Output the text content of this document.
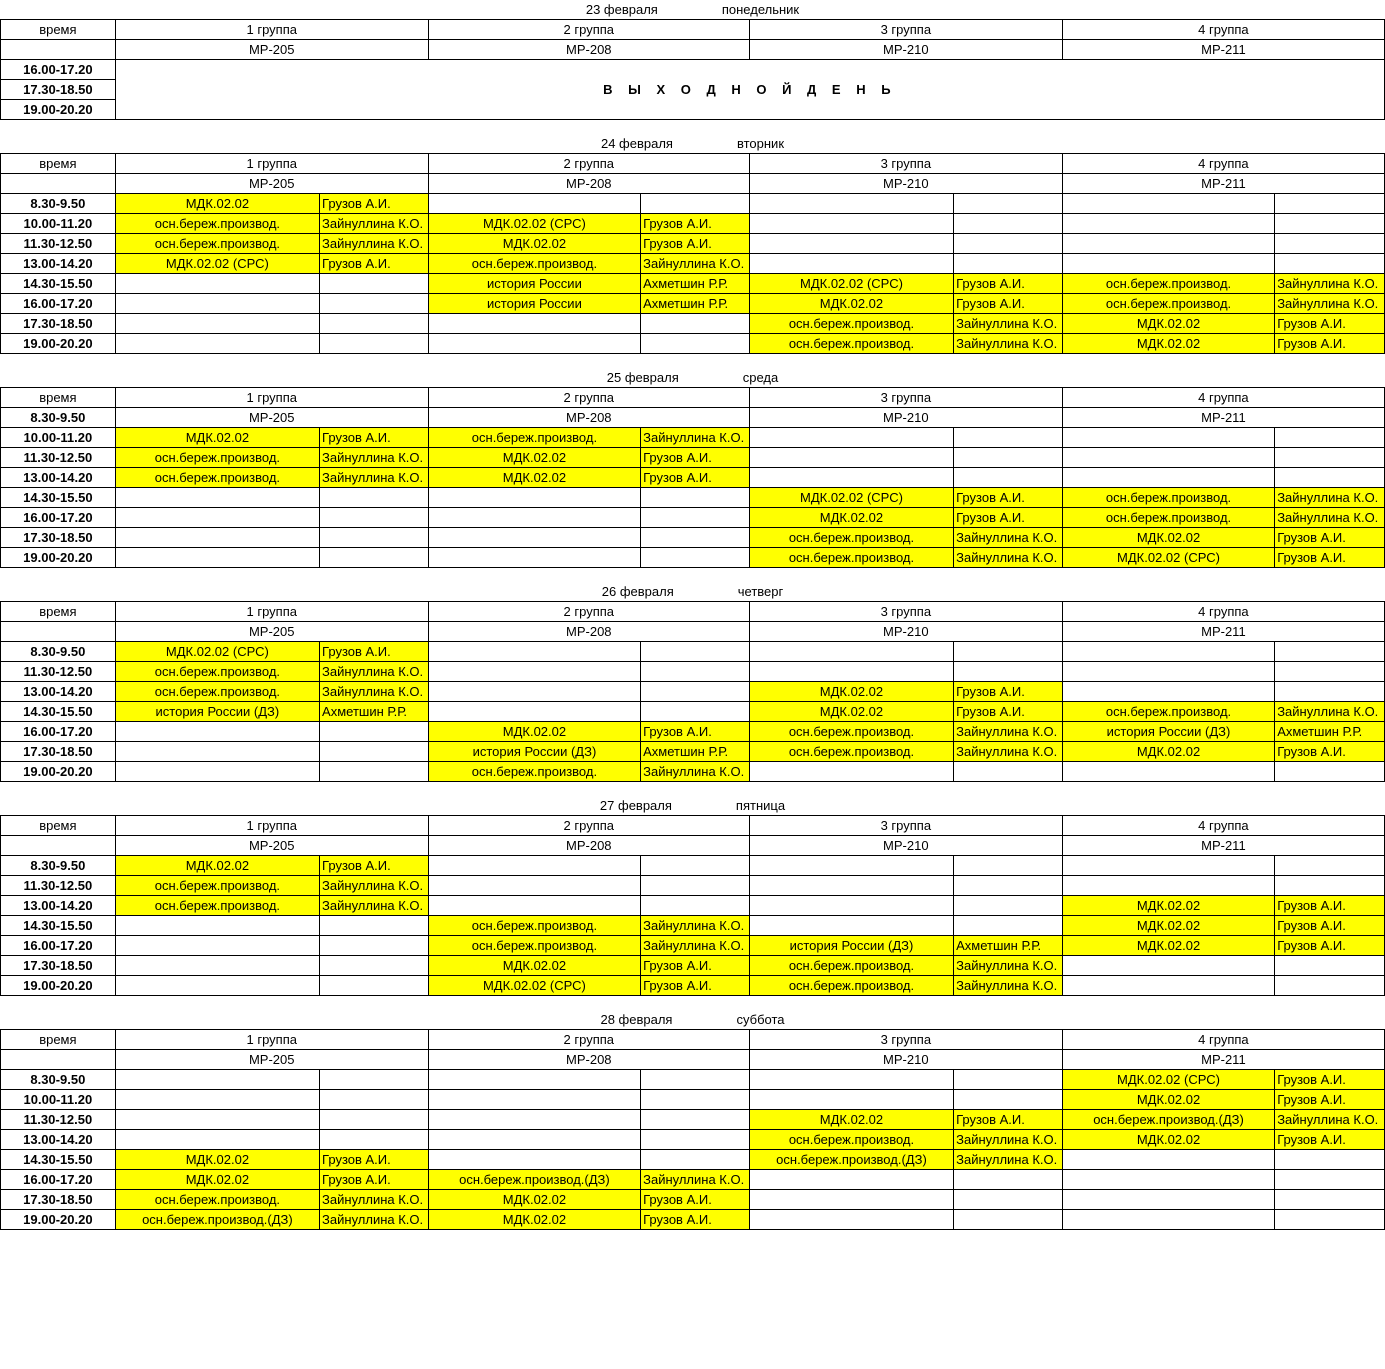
23 февраля	понедельник
время	1 группа	2 группа	3 группа	4 группа
	МР-205	МР-208	МР-210	МР-211
16.00-17.20	В Ы Х О Д Н О Й Д Е Н Ь			
17.30-18.50				
19.00-20.20				
24 февраля	вторник
время	1 группа		2 группа		3 группа		4 группа	
	МР-205		МР-208		МР-210		МР-211	
8.30-9.50	МДК.02.02	Грузов А.И.						
10.00-11.20	осн.береж.производ.	Зайнуллина К.О.	МДК.02.02 (СРС)	Грузов А.И.				
11.30-12.50	осн.береж.производ.	Зайнуллина К.О.	МДК.02.02	Грузов А.И.				
13.00-14.20	МДК.02.02 (СРС)	Грузов А.И.	осн.береж.производ.	Зайнуллина К.О.				
14.30-15.50			история России	Ахметшин Р.Р.	МДК.02.02 (СРС)	Грузов А.И.	осн.береж.производ.	Зайнуллина К.О.
16.00-17.20			история России	Ахметшин Р.Р.	МДК.02.02	Грузов А.И.	осн.береж.производ.	Зайнуллина К.О.
17.30-18.50					осн.береж.производ.	Зайнуллина К.О.	МДК.02.02	Грузов А.И.
19.00-20.20					осн.береж.производ.	Зайнуллина К.О.	МДК.02.02	Грузов А.И.
25 февраля	среда
время	1 группа		2 группа		3 группа		4 группа	
8.30-9.50	МР-205		МР-208		МР-210		МР-211	
10.00-11.20	МДК.02.02	Грузов А.И.	осн.береж.производ.	Зайнуллина К.О.				
11.30-12.50	осн.береж.производ.	Зайнуллина К.О.	МДК.02.02	Грузов А.И.				
13.00-14.20	осн.береж.производ.	Зайнуллина К.О.	МДК.02.02	Грузов А.И.				
14.30-15.50					МДК.02.02 (СРС)	Грузов А.И.	осн.береж.производ.	Зайнуллина К.О.
16.00-17.20					МДК.02.02	Грузов А.И.	осн.береж.производ.	Зайнуллина К.О.
17.30-18.50					осн.береж.производ.	Зайнуллина К.О.	МДК.02.02	Грузов А.И.
19.00-20.20					осн.береж.производ.	Зайнуллина К.О.	МДК.02.02 (СРС)	Грузов А.И.
26 февраля	четверг
время	1 группа		2 группа		3 группа		4 группа	
	МР-205		МР-208		МР-210		МР-211	
8.30-9.50	МДК.02.02 (СРС)	Грузов А.И.						
11.30-12.50	осн.береж.производ.	Зайнуллина К.О.						
13.00-14.20	осн.береж.производ.	Зайнуллина К.О.			МДК.02.02	Грузов А.И.		
14.30-15.50	история России (ДЗ)	Ахметшин Р.Р.			МДК.02.02	Грузов А.И.	осн.береж.производ.	Зайнуллина К.О.
16.00-17.20			МДК.02.02	Грузов А.И.	осн.береж.производ.	Зайнуллина К.О.	история России (ДЗ)	Ахметшин Р.Р.
17.30-18.50			история России (ДЗ)	Ахметшин Р.Р.	осн.береж.производ.	Зайнуллина К.О.	МДК.02.02	Грузов А.И.
19.00-20.20			осн.береж.производ.	Зайнуллина К.О.				
27 февраля	пятница
время	1 группа		2 группа		3 группа		4 группа	
	МР-205		МР-208		МР-210		МР-211	
8.30-9.50	МДК.02.02	Грузов А.И.						
11.30-12.50	осн.береж.производ.	Зайнуллина К.О.						
13.00-14.20	осн.береж.производ.	Зайнуллина К.О.					МДК.02.02	Грузов А.И.
14.30-15.50			осн.береж.производ.	Зайнуллина К.О.			МДК.02.02	Грузов А.И.
16.00-17.20			осн.береж.производ.	Зайнуллина К.О.	история России (ДЗ)	Ахметшин Р.Р.	МДК.02.02	Грузов А.И.
17.30-18.50			МДК.02.02	Грузов А.И.	осн.береж.производ.	Зайнуллина К.О.		
19.00-20.20			МДК.02.02 (СРС)	Грузов А.И.	осн.береж.производ.	Зайнуллина К.О.		
28 февраля	суббота
время	1 группа		2 группа		3 группа		4 группа	
	МР-205		МР-208		МР-210		МР-211	
8.30-9.50							МДК.02.02 (СРС)	Грузов А.И.
10.00-11.20							МДК.02.02	Грузов А.И.
11.30-12.50					МДК.02.02	Грузов А.И.	осн.береж.производ.(ДЗ)	Зайнуллина К.О.
13.00-14.20					осн.береж.производ.	Зайнуллина К.О.	МДК.02.02	Грузов А.И.
14.30-15.50	МДК.02.02	Грузов А.И.			осн.береж.производ.(ДЗ)	Зайнуллина К.О.		
16.00-17.20	МДК.02.02	Грузов А.И.	осн.береж.производ.(ДЗ)	Зайнуллина К.О.				
17.30-18.50	осн.береж.производ.	Зайнуллина К.О.	МДК.02.02	Грузов А.И.				
19.00-20.20	осн.береж.производ.(ДЗ)	Зайнуллина К.О.	МДК.02.02	Грузов А.И.				
